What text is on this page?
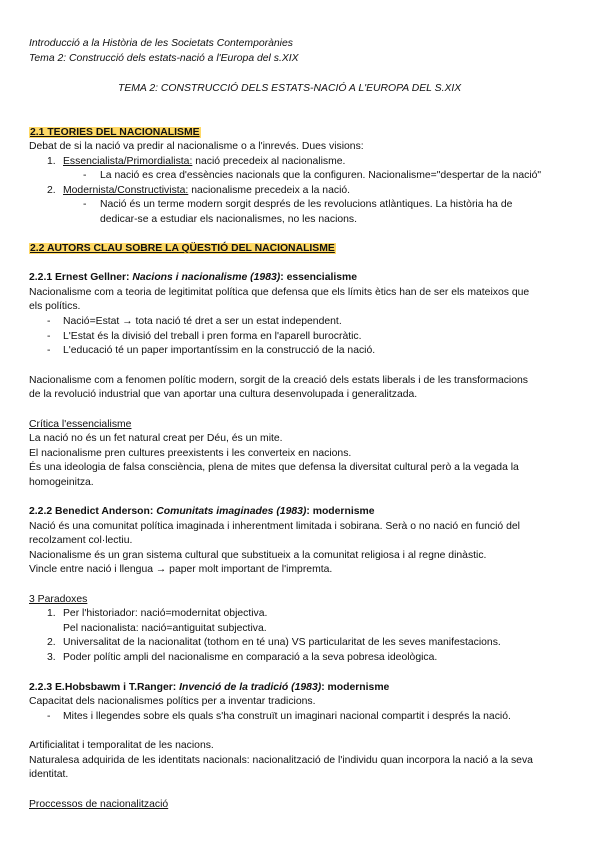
Introducció a la Història de les Societats Contemporànies
Tema 2: Construcció dels estats-nació a l'Europa del s.XIX
TEMA 2: CONSTRUCCIÓ DELS ESTATS-NACIÓ A L'EUROPA DEL S.XIX
2.1 TEORIES DEL NACIONALISME
Debat de si la nació va predir al nacionalisme o a l'inrevés. Dues visions:
1. Essencialista/Primordialista: nació precedeix al nacionalisme.
- La nació es crea d'essències nacionals que la configuren. Nacionalisme="despertar de la nació"
2. Modernista/Constructivista: nacionalisme precedeix a la nació.
- Nació és un terme modern sorgit després de les revolucions atlàntiques. La història ha de
dedicar-se a estudiar els nacionalismes, no les nacions.
2.2 AUTORS CLAU SOBRE LA QÜESTIÓ DEL NACIONALISME
2.2.1 Ernest Gellner: Nacions i nacionalisme (1983): essencialisme
Nacionalisme com a teoria de legitimitat política que defensa que els límits ètics han de ser els mateixos que
els polítics.
- Nació=Estat → tota nació té dret a ser un estat independent.
- L'Estat és la divisió del treball i pren forma en l'aparell burocràtic.
- L'educació té un paper importantíssim en la construcció de la nació.
Nacionalisme com a fenomen polític modern, sorgit de la creació dels estats liberals i de les transformacions
de la revolució industrial que van aportar una cultura desenvolupada i generalitzada.
Crítica l'essencialisme
La nació no és un fet natural creat per Déu, és un mite.
El nacionalisme pren cultures preexistents i les converteix en nacions.
És una ideologia de falsa consciència, plena de mites que defensa la diversitat cultural però a la vegada la
homogeinitza.
2.2.2 Benedict Anderson: Comunitats imaginades (1983): modernisme
Nació és una comunitat política imaginada i inherentment limitada i sobirana. Serà o no nació en funció del
recolzament col·lectiu.
Nacionalisme és un gran sistema cultural que substitueix a la comunitat religiosa i al regne dinàstic.
Vincle entre nació i llengua → paper molt important de l'impremta.
3 Paradoxes
1. Per l'historiador: nació=modernitat objectiva.
Pel nacionalista: nació=antiguitat subjectiva.
2. Universalitat de la nacionalitat (tothom en té una) VS particularitat de les seves manifestacions.
3. Poder polític ampli del nacionalisme en comparació a la seva pobresa ideològica.
2.2.3 E.Hobsbawm i T.Ranger: Invenció de la tradició (1983): modernisme
Capacitat dels nacionalismes polítics per a inventar tradicions.
- Mites i llegendes sobre els quals s'ha construït un imaginari nacional compartit i després la nació.
Artificialitat i temporalitat de les nacions.
Naturalesa adquirida de les identitats nacionals: nacionalització de l'individu quan incorpora la nació a la seva
identitat.
Proccessos de nacionalització
